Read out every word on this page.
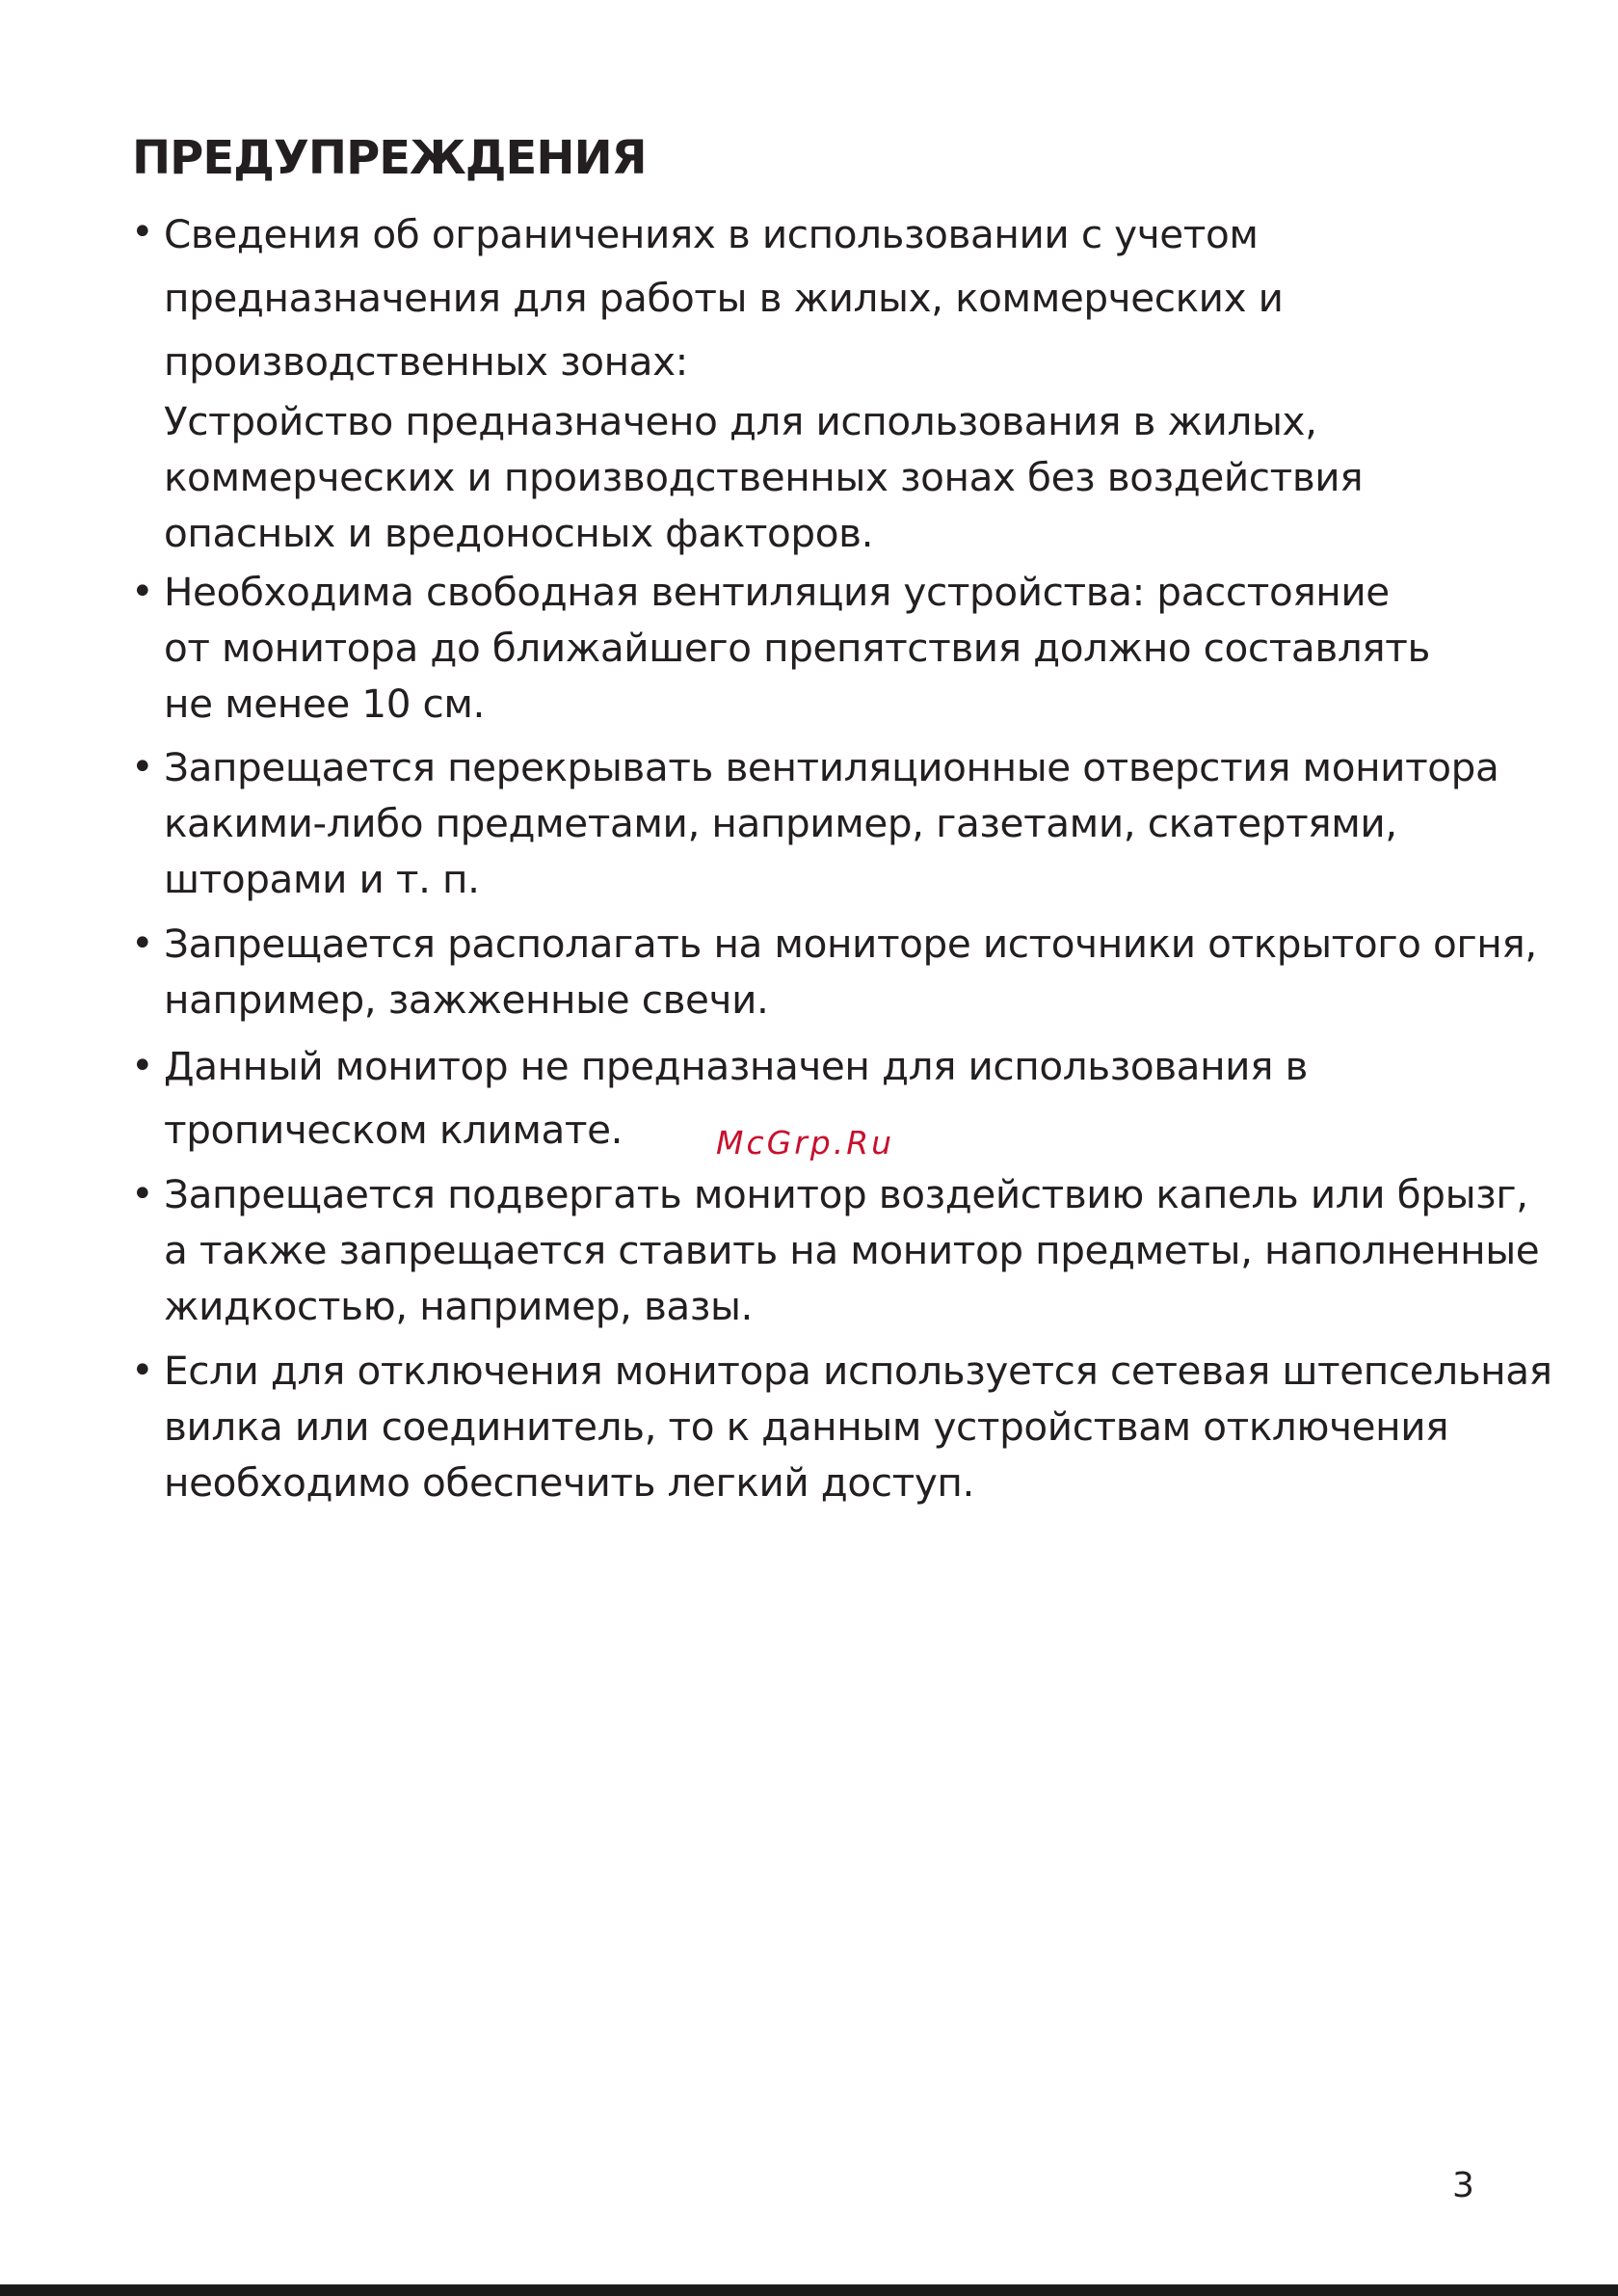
ПРЕДУПРЕЖДЕНИЯ
• Сведения об ограничениях в использовании с учетом
предназначения для работы в жилых, коммерческих и
производственных зонах:
Устройство предназначено для использования в жилых,
коммерческих и производственных зонах без воздействия
опасных и вредоносных факторов.
• Необходима свободная вентиляция устройства: расстояние
от монитора до ближайшего препятствия должно составлять
не менее 10 см.
• Запрещается перекрывать вентиляционные отверстия монитора
какими-либо предметами, например, газетами, скатертями,
шторами и т. п.
• Запрещается располагать на мониторе источники открытого огня,
например, зажженные свечи.
• Данный монитор не предназначен для использования в
тропическом климате.
• Запрещается подвергать монитор воздействию капель или брызг,
а также запрещается ставить на монитор предметы, наполненные
жидкостью, например, вазы.
• Если для отключения монитора используется сетевая штепсельная
вилка или соединитель, то к данным устройствам отключения
необходимо обеспечить легкий доступ.
McGrp.Ru
3
